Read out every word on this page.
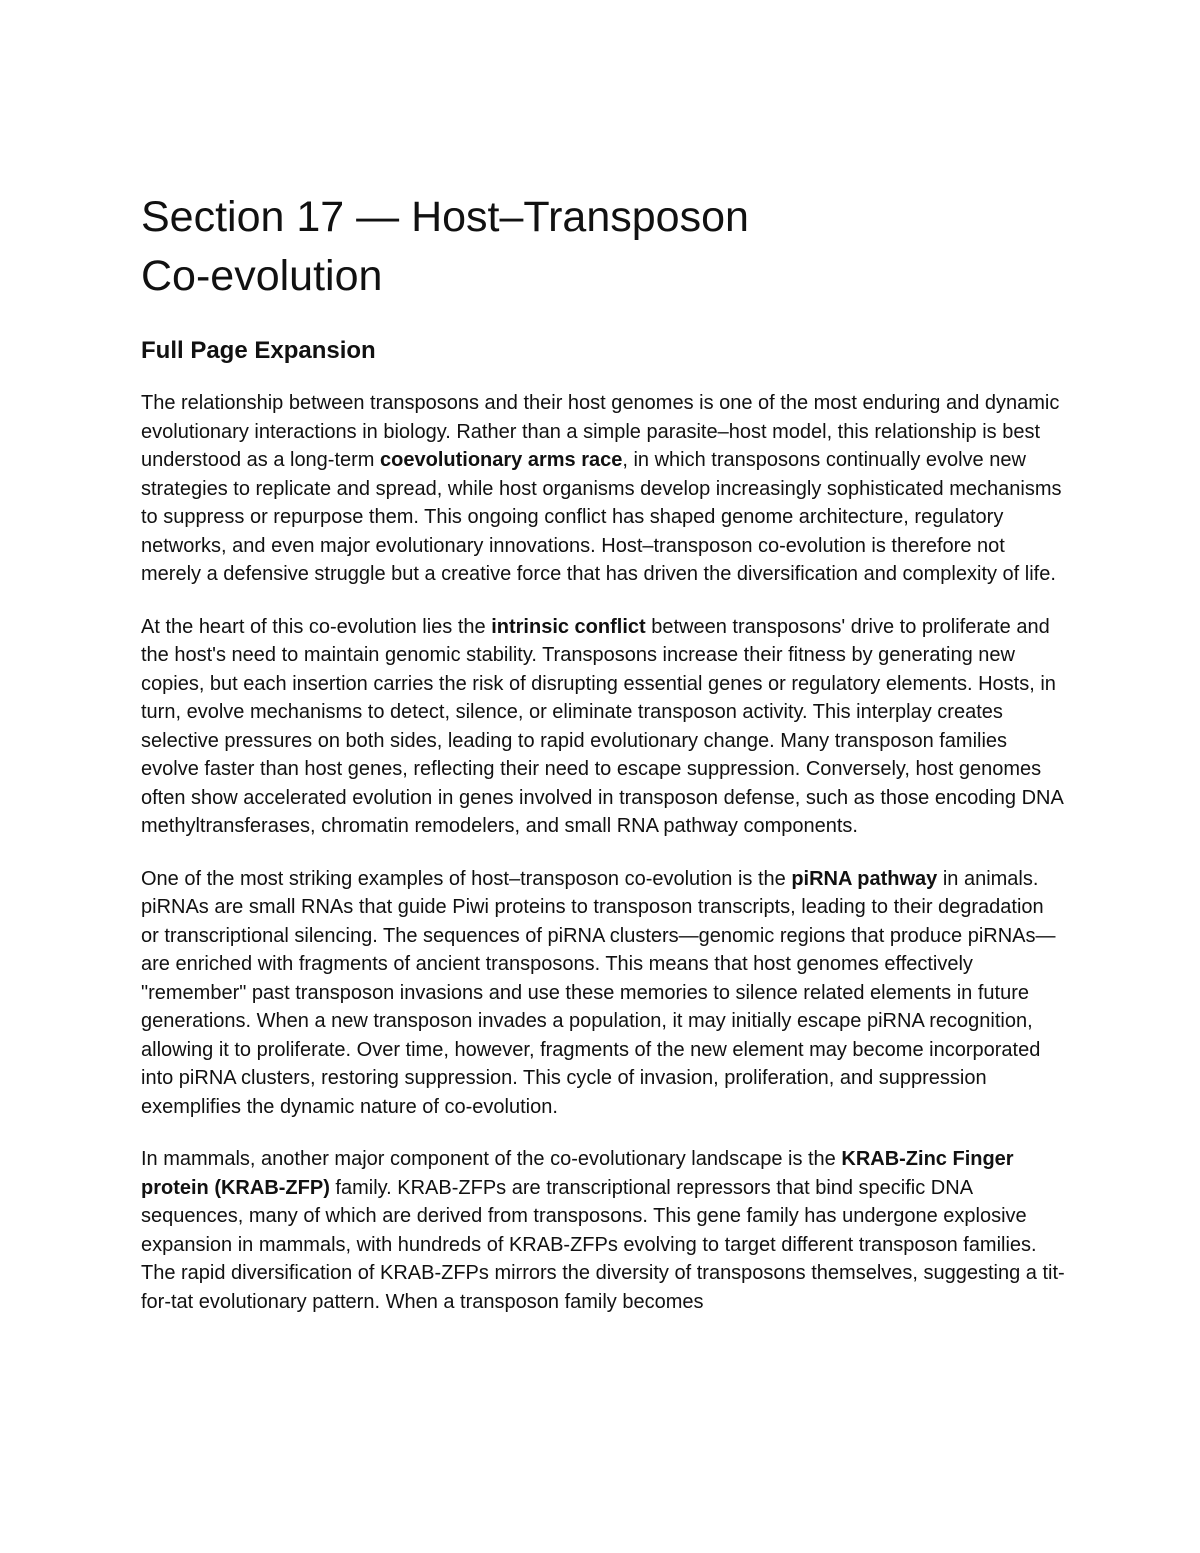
Section 17 — Host–Transposon
Co-evolution
Full Page Expansion

The relationship between transposons and their host genomes is one of the most enduring and dynamic evolutionary interactions in biology. Rather than a simple parasite–host model, this relationship is best understood as a long-term coevolutionary arms race, in which transposons continually evolve new strategies to replicate and spread, while host organisms develop increasingly sophisticated mechanisms to suppress or repurpose them. This ongoing conflict has shaped genome architecture, regulatory networks, and even major evolutionary innovations. Host–transposon co-evolution is therefore not merely a defensive struggle but a creative force that has driven the diversification and complexity of life.

At the heart of this co-evolution lies the intrinsic conflict between transposons' drive to proliferate and the host's need to maintain genomic stability. Transposons increase their fitness by generating new copies, but each insertion carries the risk of disrupting essential genes or regulatory elements. Hosts, in turn, evolve mechanisms to detect, silence, or eliminate transposon activity. This interplay creates selective pressures on both sides, leading to rapid evolutionary change. Many transposon families evolve faster than host genes, reflecting their need to escape suppression. Conversely, host genomes often show accelerated evolution in genes involved in transposon defense, such as those encoding DNA methyltransferases, chromatin remodelers, and small RNA pathway components.

One of the most striking examples of host–transposon co-evolution is the piRNA pathway in animals. piRNAs are small RNAs that guide Piwi proteins to transposon transcripts, leading to their degradation or transcriptional silencing. The sequences of piRNA clusters—genomic regions that produce piRNAs—are enriched with fragments of ancient transposons. This means that host genomes effectively "remember" past transposon invasions and use these memories to silence related elements in future generations. When a new transposon invades a population, it may initially escape piRNA recognition, allowing it to proliferate. Over time, however, fragments of the new element may become incorporated into piRNA clusters, restoring suppression. This cycle of invasion, proliferation, and suppression exemplifies the dynamic nature of co-evolution.

In mammals, another major component of the co-evolutionary landscape is the KRAB-Zinc Finger protein (KRAB-ZFP) family. KRAB-ZFPs are transcriptional repressors that bind specific DNA sequences, many of which are derived from transposons. This gene family has undergone explosive expansion in mammals, with hundreds of KRAB-ZFPs evolving to target different transposon families. The rapid diversification of KRAB-ZFPs mirrors the diversity of transposons themselves, suggesting a tit-for-tat evolutionary pattern. When a transposon family becomes
